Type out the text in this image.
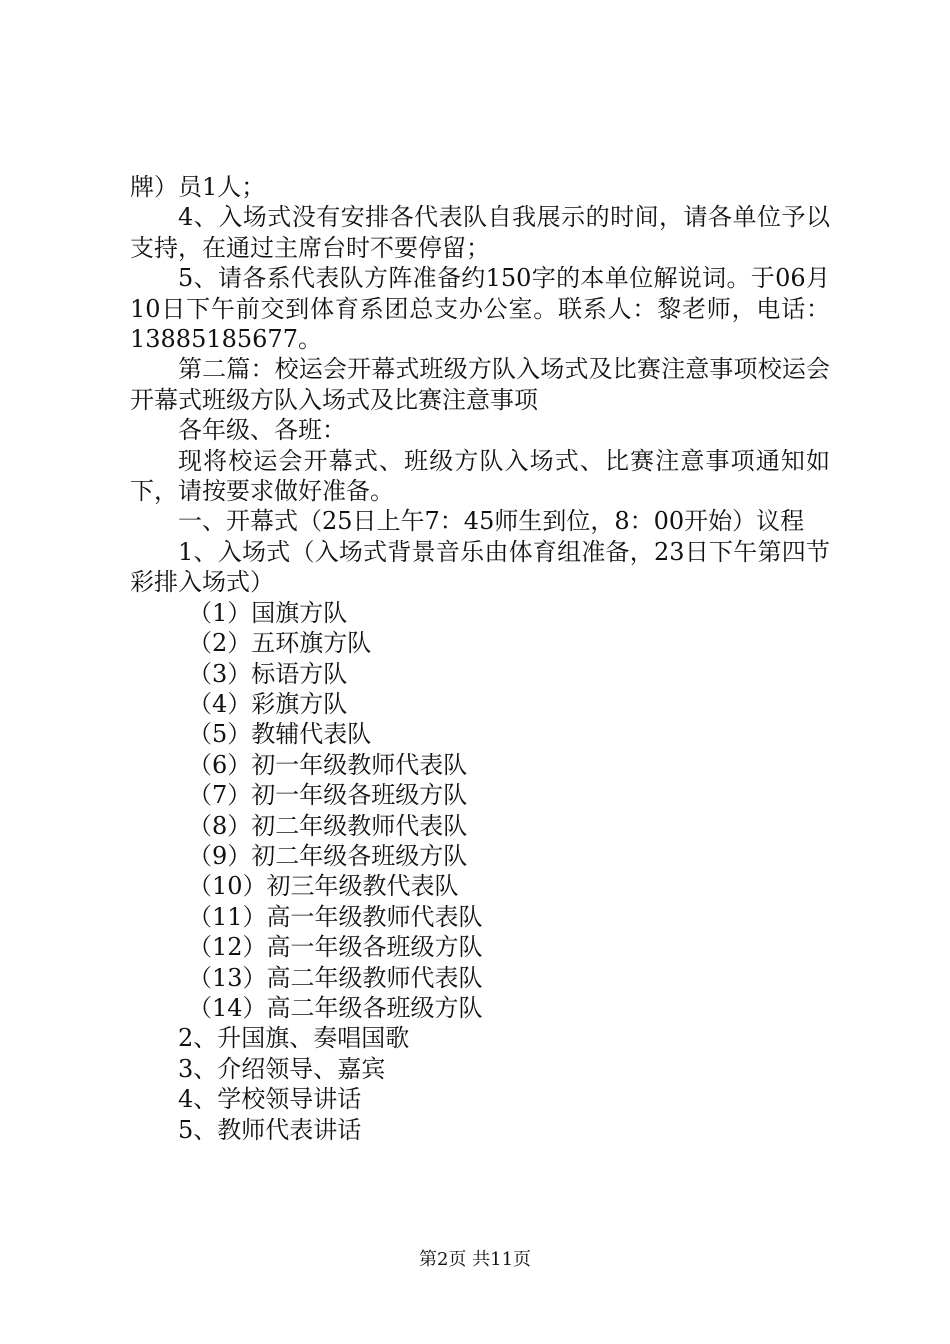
牌）员1人；

4、入场式没有安排各代表队自我展示的时间，请各单位予以支持，在通过主席台时不要停留；

5、请各系代表队方阵准备约150字的本单位解说词。于06月10日下午前交到体育系团总支办公室。联系人：黎老师，电话：13885185677。

第二篇：校运会开幕式班级方队入场式及比赛注意事项校运会开幕式班级方队入场式及比赛注意事项

各年级、各班：

现将校运会开幕式、班级方队入场式、比赛注意事项通知如下，请按要求做好准备。

一、开幕式（25日上午7：45师生到位，8：00开始）议程

1、入场式（入场式背景音乐由体育组准备，23日下午第四节彩排入场式）

（1）国旗方队

（2）五环旗方队

（3）标语方队

（4）彩旗方队

（5）教辅代表队

（6）初一年级教师代表队

（7）初一年级各班级方队

（8）初二年级教师代表队

（9）初二年级各班级方队

（10）初三年级教代表队

（11）高一年级教师代表队

（12）高一年级各班级方队

（13）高二年级教师代表队

（14）高二年级各班级方队

2、升国旗、奏唱国歌

3、介绍领导、嘉宾

4、学校领导讲话

5、教师代表讲话

第2页 共11页
